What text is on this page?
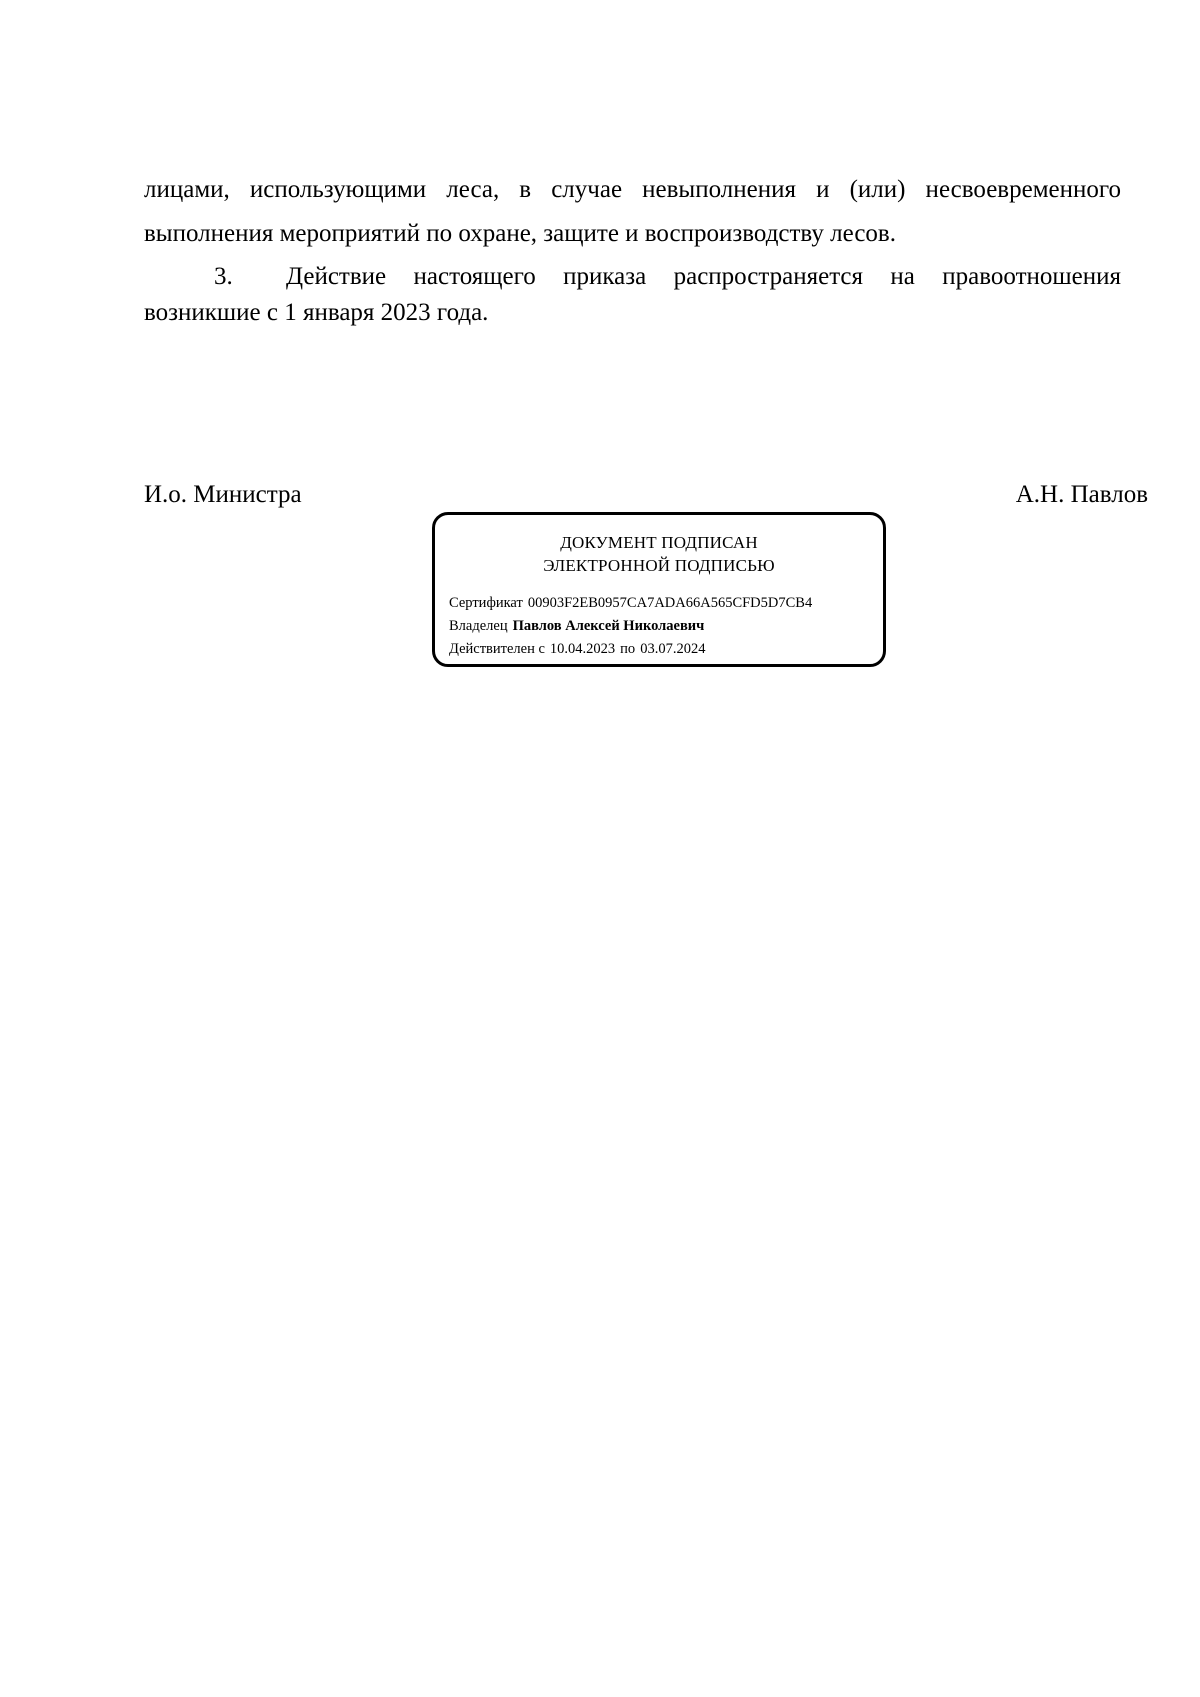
лицами, использующими леса, в случае невыполнения и (или) несвоевременного выполнения мероприятий по охране, защите и воспроизводству лесов.

3. Действие настоящего приказа распространяется на правоотношения возникшие с 1 января 2023 года.

И.о. Министра	А.Н. Павлов

ДОКУМЕНТ ПОДПИСАН
ЭЛЕКТРОННОЙ ПОДПИСЬЮ
Сертификат 00903F2EB0957CA7ADA66A565CFD5D7CB4
Владелец Павлов Алексей Николаевич
Действителен с 10.04.2023 по 03.07.2024
